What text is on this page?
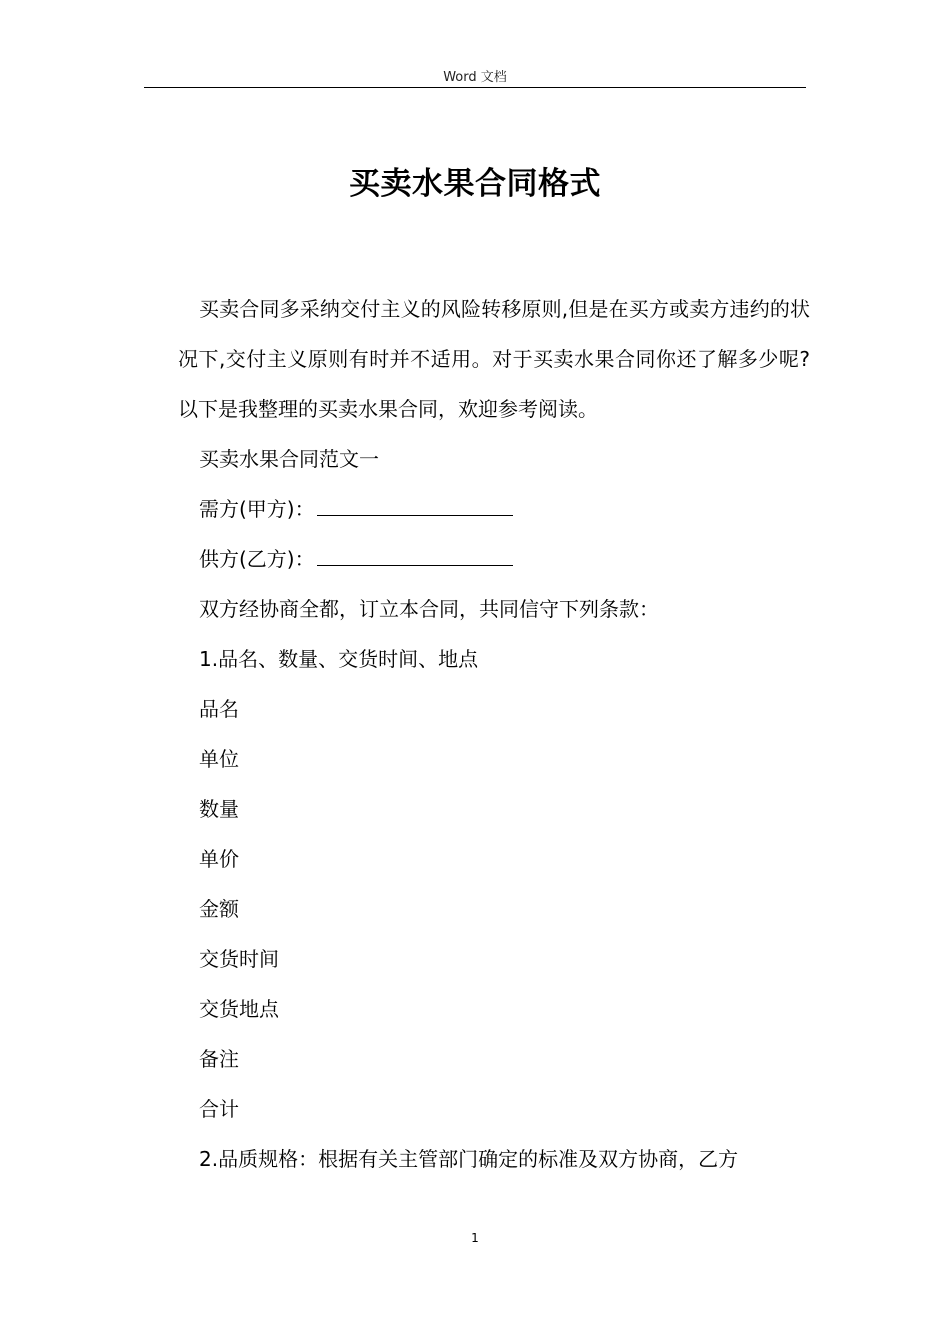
Word 文档
买卖水果合同格式

买卖合同多采纳交付主义的风险转移原则,但是在买方或卖方违约的状况下,交付主义原则有时并不适用。对于买卖水果合同你还了解多少呢?以下是我整理的买卖水果合同，欢迎参考阅读。

买卖水果合同范文一

需方(甲方)：

供方(乙方)：

双方经协商全都，订立本合同，共同信守下列条款：

1.品名、数量、交货时间、地点

品名

单位

数量

单价

金额

交货时间

交货地点

备注

合计

2.品质规格：根据有关主管部门确定的标准及双方协商，乙方

1
